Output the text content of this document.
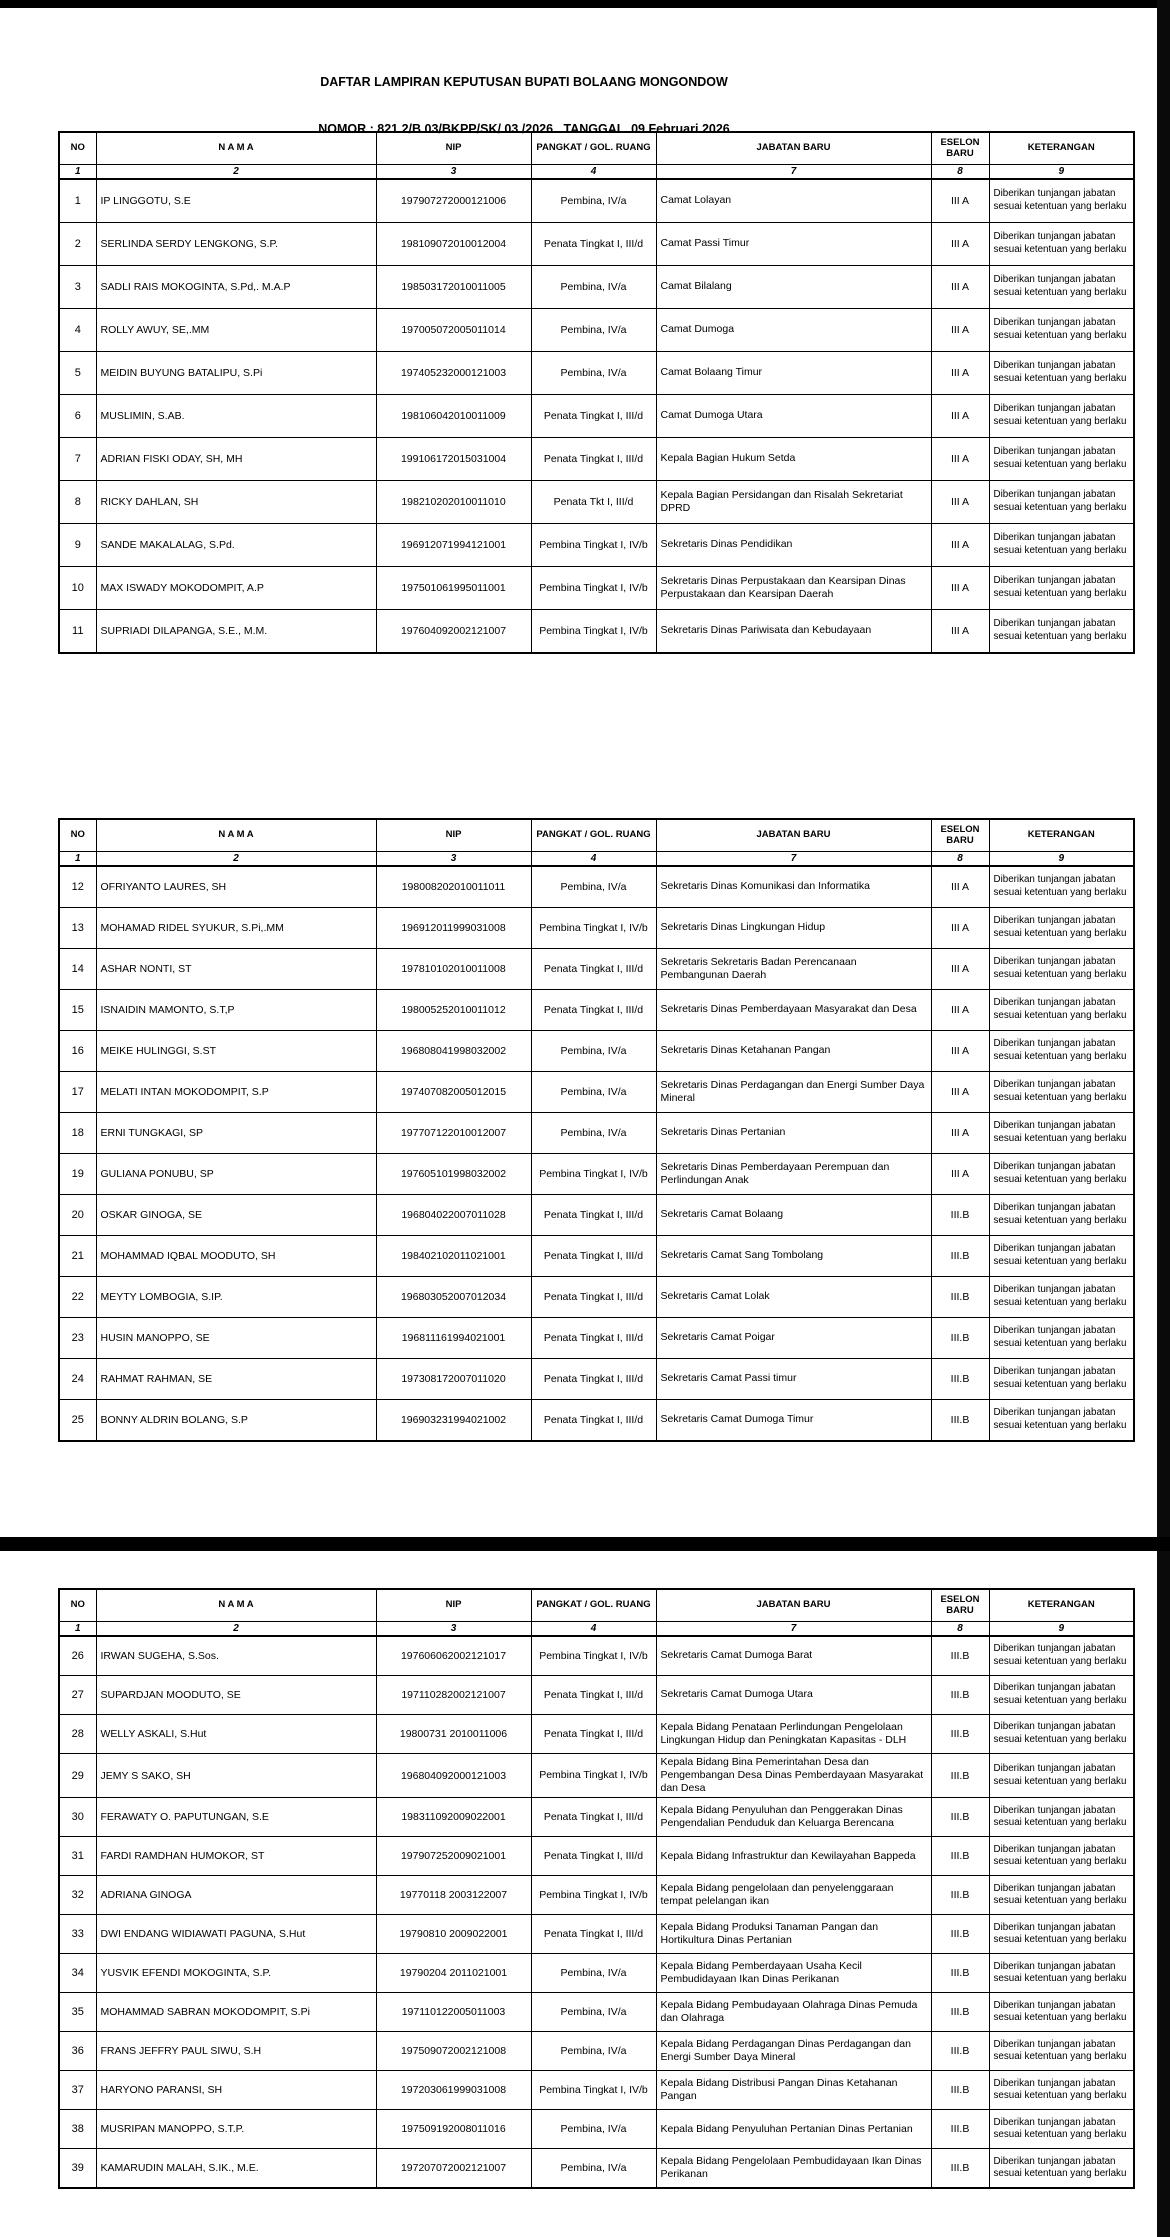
DAFTAR LAMPIRAN KEPUTUSAN BUPATI BOLAANG MONGONDOW

NOMOR : 821.2/B.03/BKPP/SK/ 03 /2026   TANGGAL  09 Februari 2026

NO	N A M A	NIP	PANGKAT / GOL. RUANG	JABATAN BARU	ESELON BARU	KETERANGAN
1	2	3	4	7	8	9
1	IP LINGGOTU, S.E	197907272000121006	Pembina, IV/a	Camat Lolayan	III A	Diberikan tunjangan jabatan sesuai ketentuan yang berlaku
2	SERLINDA SERDY LENGKONG, S.P.	198109072010012004	Penata Tingkat I, III/d	Camat Passi Timur	III A	Diberikan tunjangan jabatan sesuai ketentuan yang berlaku
3	SADLI RAIS MOKOGINTA, S.Pd,. M.A.P	198503172010011005	Pembina, IV/a	Camat Bilalang	III A	Diberikan tunjangan jabatan sesuai ketentuan yang berlaku
4	ROLLY AWUY, SE,.MM	197005072005011014	Pembina, IV/a	Camat Dumoga	III A	Diberikan tunjangan jabatan sesuai ketentuan yang berlaku
5	MEIDIN BUYUNG BATALIPU, S.Pi	197405232000121003	Pembina, IV/a	Camat Bolaang Timur	III A	Diberikan tunjangan jabatan sesuai ketentuan yang berlaku
6	MUSLIMIN, S.AB.	198106042010011009	Penata Tingkat I, III/d	Camat Dumoga Utara	III A	Diberikan tunjangan jabatan sesuai ketentuan yang berlaku
7	ADRIAN FISKI ODAY, SH, MH	199106172015031004	Penata Tingkat I, III/d	Kepala Bagian Hukum Setda	III A	Diberikan tunjangan jabatan sesuai ketentuan yang berlaku
8	RICKY DAHLAN, SH	198210202010011010	Penata Tkt I, III/d	Kepala Bagian Persidangan dan Risalah Sekretariat DPRD	III A	Diberikan tunjangan jabatan sesuai ketentuan yang berlaku
9	SANDE MAKALALAG, S.Pd.	196912071994121001	Pembina Tingkat I, IV/b	Sekretaris Dinas Pendidikan	III A	Diberikan tunjangan jabatan sesuai ketentuan yang berlaku
10	MAX ISWADY MOKODOMPIT, A.P	197501061995011001	Pembina Tingkat I, IV/b	Sekretaris Dinas Perpustakaan dan Kearsipan Dinas Perpustakaan dan Kearsipan Daerah	III A	Diberikan tunjangan jabatan sesuai ketentuan yang berlaku
11	SUPRIADI DILAPANGA, S.E., M.M.	197604092002121007	Pembina Tingkat I, IV/b	Sekretaris Dinas Pariwisata dan Kebudayaan	III A	Diberikan tunjangan jabatan sesuai ketentuan yang berlaku
NO	N A M A	NIP	PANGKAT / GOL. RUANG	JABATAN BARU	ESELON BARU	KETERANGAN
1	2	3	4	7	8	9
12	OFRIYANTO LAURES, SH	198008202010011011	Pembina, IV/a	Sekretaris Dinas Komunikasi dan Informatika	III A	Diberikan tunjangan jabatan sesuai ketentuan yang berlaku
13	MOHAMAD RIDEL SYUKUR, S.Pi,.MM	196912011999031008	Pembina Tingkat I, IV/b	Sekretaris Dinas Lingkungan Hidup	III A	Diberikan tunjangan jabatan sesuai ketentuan yang berlaku
14	ASHAR NONTI, ST	197810102010011008	Penata Tingkat I, III/d	Sekretaris Sekretaris Badan Perencanaan Pembangunan Daerah	III A	Diberikan tunjangan jabatan sesuai ketentuan yang berlaku
15	ISNAIDIN MAMONTO, S.T,P	198005252010011012	Penata Tingkat I, III/d	Sekretaris Dinas Pemberdayaan Masyarakat dan Desa	III A	Diberikan tunjangan jabatan sesuai ketentuan yang berlaku
16	MEIKE HULINGGI, S.ST	196808041998032002	Pembina, IV/a	Sekretaris Dinas Ketahanan Pangan	III A	Diberikan tunjangan jabatan sesuai ketentuan yang berlaku
17	MELATI INTAN MOKODOMPIT, S.P	197407082005012015	Pembina, IV/a	Sekretaris Dinas Perdagangan dan Energi Sumber Daya Mineral	III A	Diberikan tunjangan jabatan sesuai ketentuan yang berlaku
18	ERNI TUNGKAGI, SP	197707122010012007	Pembina, IV/a	Sekretaris Dinas Pertanian	III A	Diberikan tunjangan jabatan sesuai ketentuan yang berlaku
19	GULIANA PONUBU, SP	197605101998032002	Pembina Tingkat I, IV/b	Sekretaris Dinas Pemberdayaan Perempuan dan Perlindungan Anak	III A	Diberikan tunjangan jabatan sesuai ketentuan yang berlaku
20	OSKAR GINOGA, SE	196804022007011028	Penata Tingkat I, III/d	Sekretaris Camat Bolaang	III.B	Diberikan tunjangan jabatan sesuai ketentuan yang berlaku
21	MOHAMMAD IQBAL MOODUTO, SH	198402102011021001	Penata Tingkat I, III/d	Sekretaris Camat Sang Tombolang	III.B	Diberikan tunjangan jabatan sesuai ketentuan yang berlaku
22	MEYTY LOMBOGIA, S.IP.	196803052007012034	Penata Tingkat I, III/d	Sekretaris Camat Lolak	III.B	Diberikan tunjangan jabatan sesuai ketentuan yang berlaku
23	HUSIN MANOPPO, SE	196811161994021001	Penata Tingkat I, III/d	Sekretaris Camat Poigar	III.B	Diberikan tunjangan jabatan sesuai ketentuan yang berlaku
24	RAHMAT RAHMAN, SE	197308172007011020	Penata Tingkat I, III/d	Sekretaris Camat Passi timur	III.B	Diberikan tunjangan jabatan sesuai ketentuan yang berlaku
25	BONNY ALDRIN BOLANG, S.P	196903231994021002	Penata Tingkat I, III/d	Sekretaris Camat Dumoga Timur	III.B	Diberikan tunjangan jabatan sesuai ketentuan yang berlaku
NO	N A M A	NIP	PANGKAT / GOL. RUANG	JABATAN BARU	ESELON BARU	KETERANGAN
1	2	3	4	7	8	9
26	IRWAN SUGEHA, S.Sos.	197606062002121017	Pembina Tingkat I, IV/b	Sekretaris Camat Dumoga Barat	III.B	Diberikan tunjangan jabatan sesuai ketentuan yang berlaku
27	SUPARDJAN MOODUTO, SE	197110282002121007	Penata Tingkat I, III/d	Sekretaris Camat Dumoga Utara	III.B	Diberikan tunjangan jabatan sesuai ketentuan yang berlaku
28	WELLY ASKALI, S.Hut	19800731 2010011006	Penata Tingkat I, III/d	Kepala Bidang Penataan Perlindungan Pengelolaan Lingkungan Hidup dan Peningkatan Kapasitas - DLH	III.B	Diberikan tunjangan jabatan sesuai ketentuan yang berlaku
29	JEMY S SAKO, SH	196804092000121003	Pembina Tingkat I, IV/b	Kepala Bidang Bina Pemerintahan Desa dan Pengembangan Desa Dinas Pemberdayaan Masyarakat dan Desa	III.B	Diberikan tunjangan jabatan sesuai ketentuan yang berlaku
30	FERAWATY O. PAPUTUNGAN, S.E	198311092009022001	Penata Tingkat I, III/d	Kepala Bidang Penyuluhan dan Penggerakan Dinas Pengendalian Penduduk dan Keluarga Berencana	III.B	Diberikan tunjangan jabatan sesuai ketentuan yang berlaku
31	FARDI RAMDHAN HUMOKOR, ST	197907252009021001	Penata Tingkat I, III/d	Kepala Bidang Infrastruktur dan Kewilayahan Bappeda	III.B	Diberikan tunjangan jabatan sesuai ketentuan yang berlaku
32	ADRIANA GINOGA	19770118 2003122007	Pembina Tingkat I, IV/b	Kepala Bidang pengelolaan dan penyelenggaraan tempat pelelangan ikan	III.B	Diberikan tunjangan jabatan sesuai ketentuan yang berlaku
33	DWI ENDANG WIDIAWATI PAGUNA, S.Hut	19790810 2009022001	Penata Tingkat I, III/d	Kepala Bidang Produksi Tanaman Pangan dan Hortikultura Dinas Pertanian	III.B	Diberikan tunjangan jabatan sesuai ketentuan yang berlaku
34	YUSVIK EFENDI MOKOGINTA, S.P.	19790204 2011021001	Pembina, IV/a	Kepala Bidang Pemberdayaan Usaha Kecil Pembudidayaan Ikan Dinas Perikanan	III.B	Diberikan tunjangan jabatan sesuai ketentuan yang berlaku
35	MOHAMMAD SABRAN MOKODOMPIT, S.Pi	197110122005011003	Pembina, IV/a	Kepala Bidang Pembudayaan Olahraga Dinas Pemuda dan Olahraga	III.B	Diberikan tunjangan jabatan sesuai ketentuan yang berlaku
36	FRANS JEFFRY PAUL SIWU, S.H	197509072002121008	Pembina, IV/a	Kepala Bidang Perdagangan Dinas Perdagangan dan Energi Sumber Daya Mineral	III.B	Diberikan tunjangan jabatan sesuai ketentuan yang berlaku
37	HARYONO PARANSI, SH	197203061999031008	Pembina Tingkat I, IV/b	Kepala Bidang Distribusi Pangan Dinas Ketahanan Pangan	III.B	Diberikan tunjangan jabatan sesuai ketentuan yang berlaku
38	MUSRIPAN MANOPPO, S.T.P.	197509192008011016	Pembina, IV/a	Kepala Bidang Penyuluhan Pertanian Dinas Pertanian	III.B	Diberikan tunjangan jabatan sesuai ketentuan yang berlaku
39	KAMARUDIN MALAH, S.IK., M.E.	197207072002121007	Pembina, IV/a	Kepala Bidang Pengelolaan Pembudidayaan Ikan Dinas Perikanan	III.B	Diberikan tunjangan jabatan sesuai ketentuan yang berlaku
